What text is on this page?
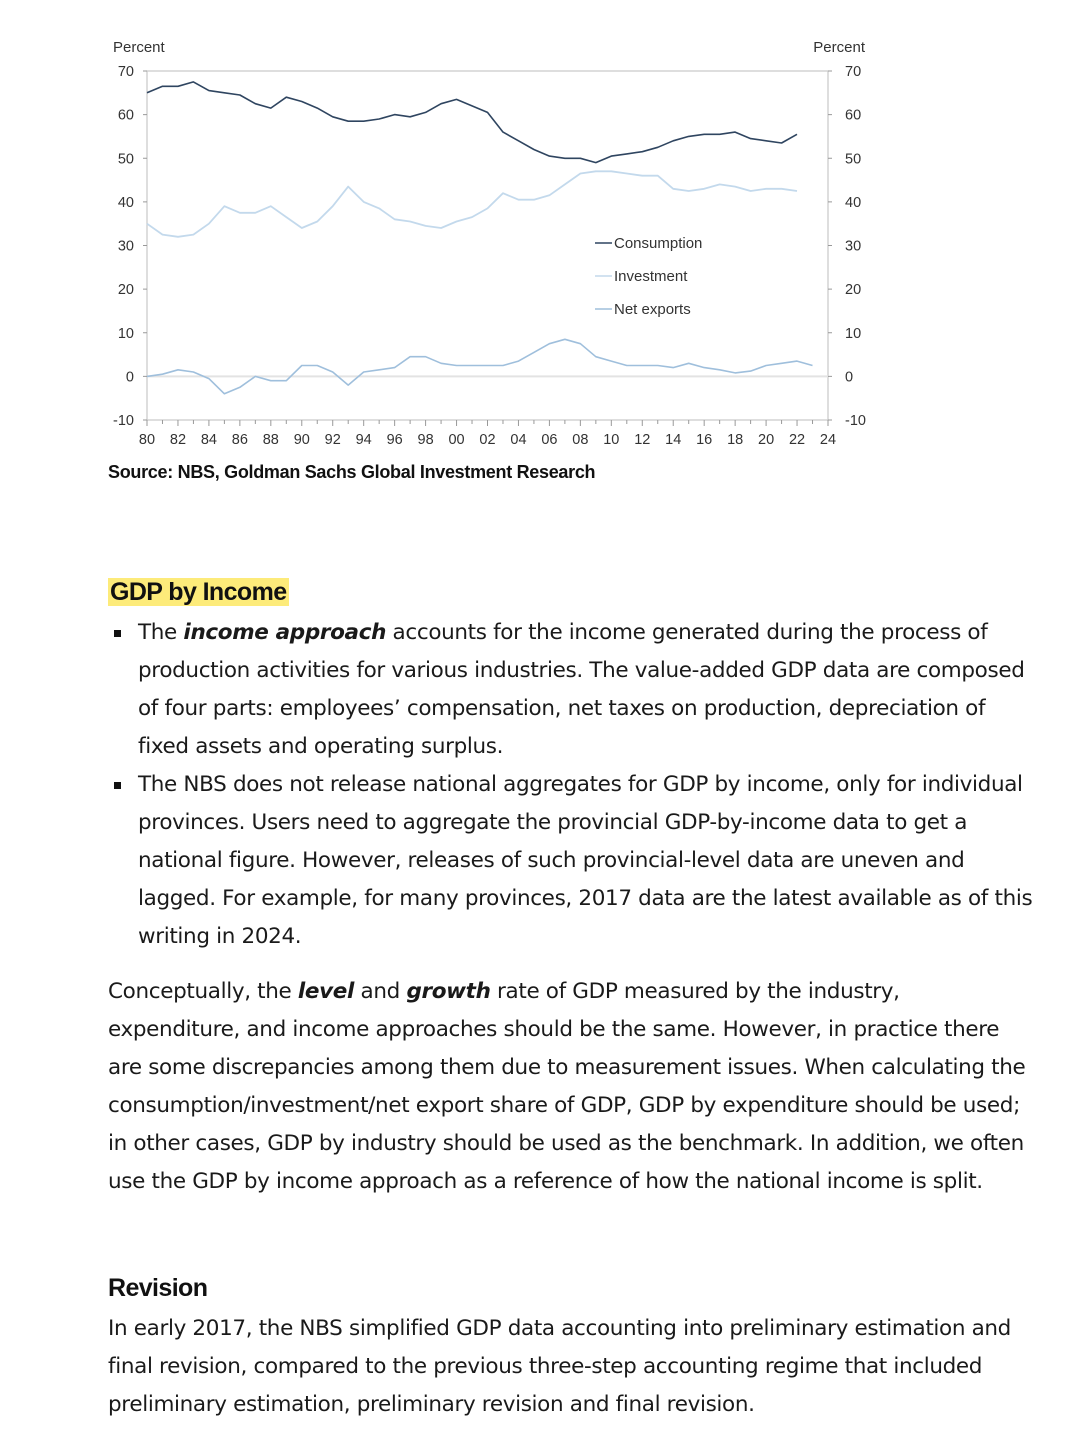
Percent	Percent
70	70
60	60
50	50
40	40
30	30
20	20
10	10
0	0
-10	-10
80 82 84 86 88 90 92 94 96 98 00 02 04 06 08 10 12 14 16 18 20 22 24
Consumption
Investment
Net exports
Source: NBS, Goldman Sachs Global Investment Research
GDP by Income
The income approach accounts for the income generated during the process of production activities for various industries. The value-added GDP data are composed of four parts: employees’ compensation, net taxes on production, depreciation of fixed assets and operating surplus.
The NBS does not release national aggregates for GDP by income, only for individual provinces. Users need to aggregate the provincial GDP-by-income data to get a national figure. However, releases of such provincial-level data are uneven and lagged. For example, for many provinces, 2017 data are the latest available as of this writing in 2024.

Conceptually, the level and growth rate of GDP measured by the industry, expenditure, and income approaches should be the same. However, in practice there are some discrepancies among them due to measurement issues. When calculating the consumption/investment/net export share of GDP, GDP by expenditure should be used; in other cases, GDP by industry should be used as the benchmark. In addition, we often use the GDP by income approach as a reference of how the national income is split.

Revision

In early 2017, the NBS simplified GDP data accounting into preliminary estimation and final revision, compared to the previous three-step accounting regime that included preliminary estimation, preliminary revision and final revision.
